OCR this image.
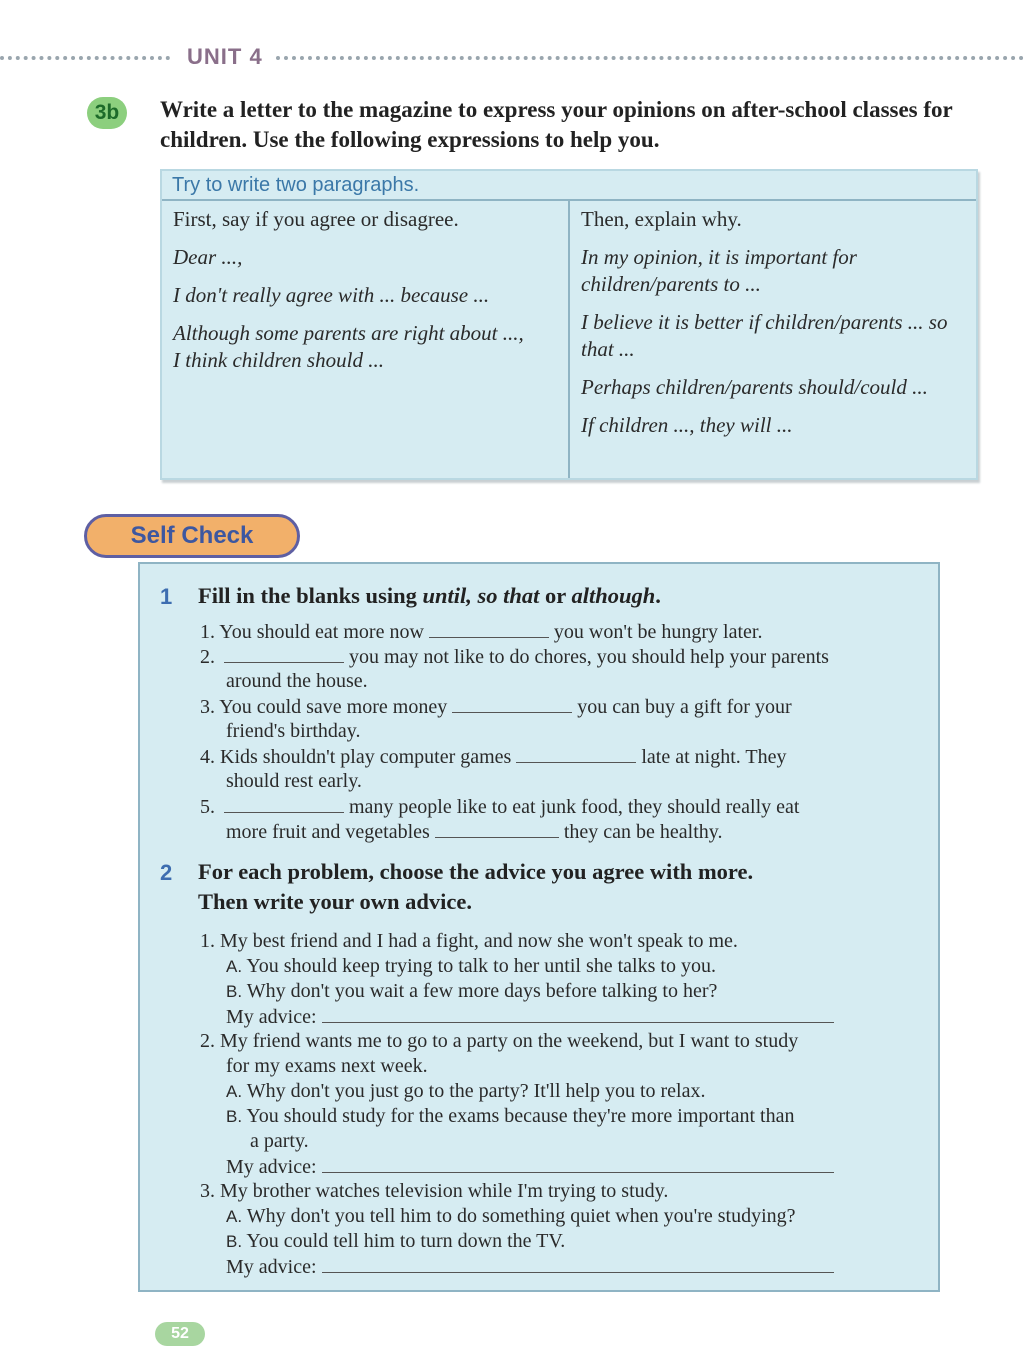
UNIT 4
3b	Write a letter to the magazine to express your opinions on after-school classes for children. Use the following expressions to help you.
Try to write two paragraphs.
First, say if you agree or disagree.
Dear ...,
I don't really agree with ... because ...
Although some parents are right about ..., I think children should ...
Then, explain why.
In my opinion, it is important for children/parents to ...
I believe it is better if children/parents ... so that ...
Perhaps children/parents should/could ...
If children ..., they will ...
Self Check
1 Fill in the blanks using until, so that or although.
1. You should eat more now	you won't be hungry later.
2.	you may not like to do chores, you should help your parents
around the house.
3. You could save more money	you can buy a gift for your
friend's birthday.
4. Kids shouldn't play computer games	late at night. They
should rest early.
5.	many people like to eat junk food, they should really eat
more fruit and vegetables	they can be healthy.
2 For each problem, choose the advice you agree with more.
Then write your own advice.
1. My best friend and I had a fight, and now she won't speak to me.
A. You should keep trying to talk to her until she talks to you.
B. Why don't you wait a few more days before talking to her?
My advice:
2. My friend wants me to go to a party on the weekend, but I want to study
for my exams next week.
A. Why don't you just go to the party? It'll help you to relax.
B. You should study for the exams because they're more important than
a party.
My advice:
3. My brother watches television while I'm trying to study.
A. Why don't you tell him to do something quiet when you're studying?
B. You could tell him to turn down the TV.
My advice:
52
